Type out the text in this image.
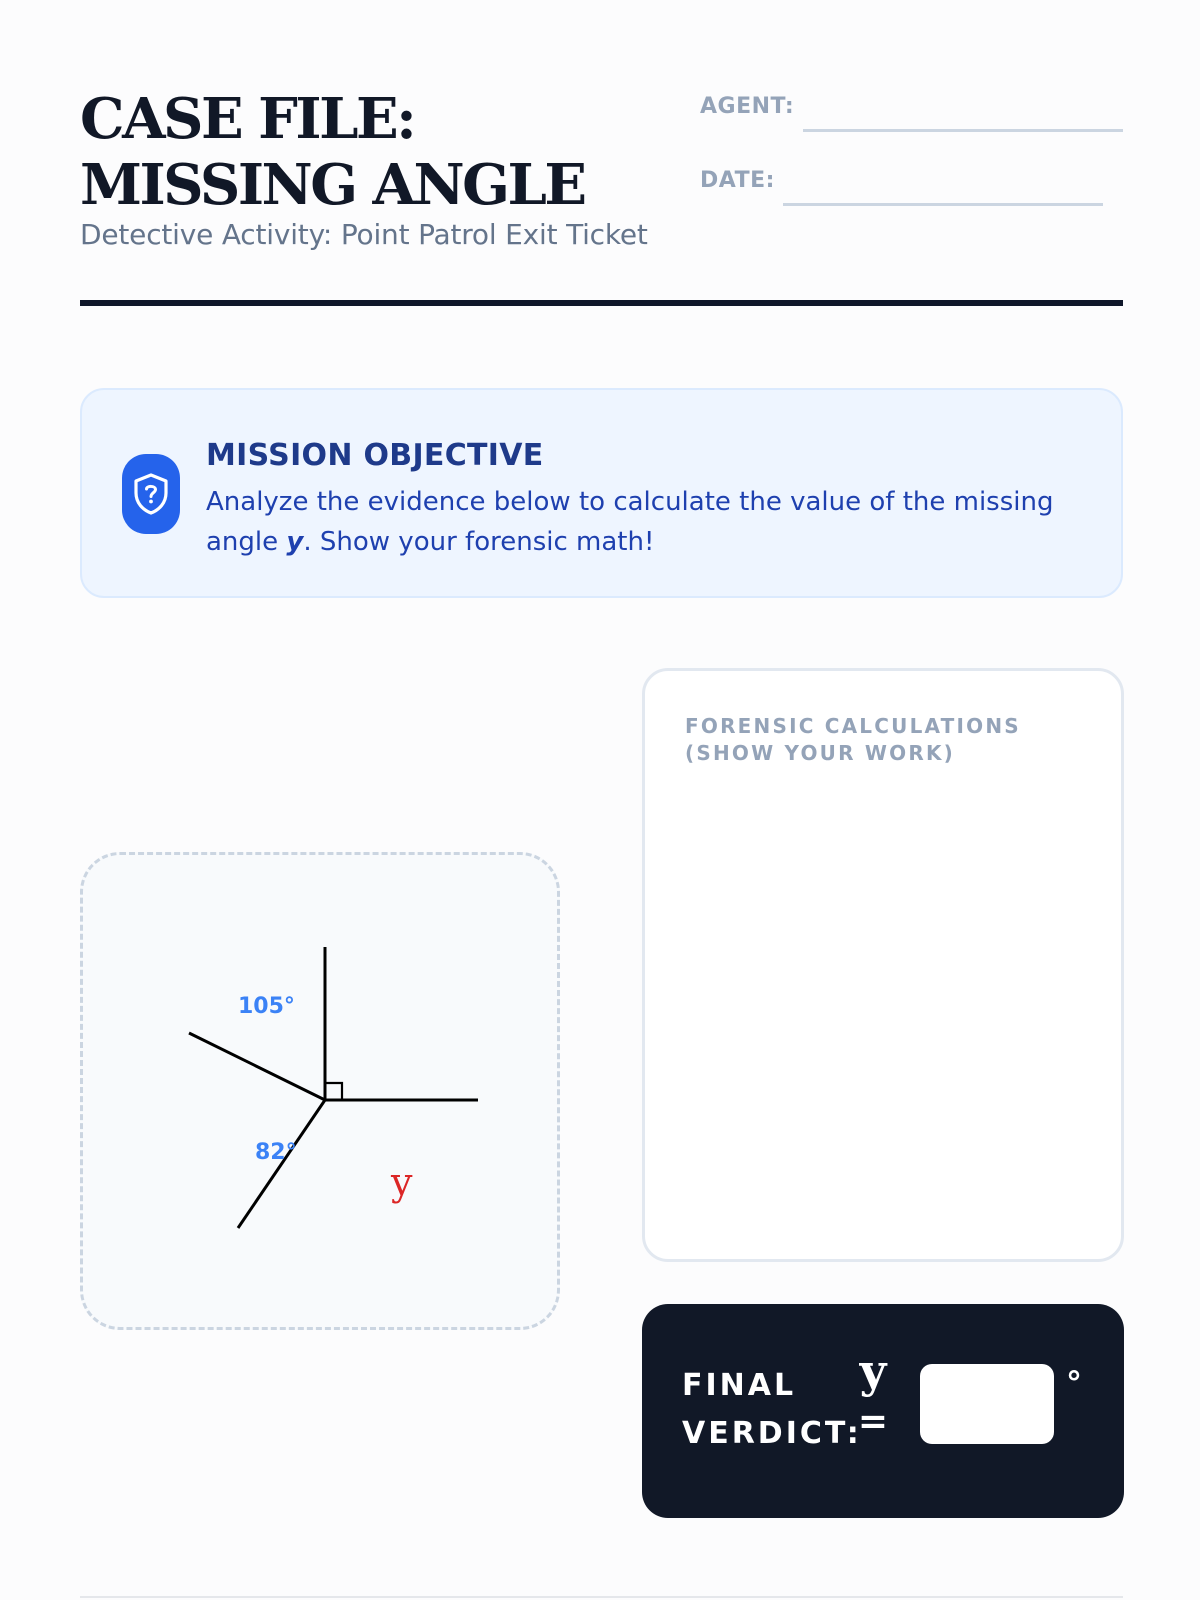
CASE FILE: MISSING ANGLE
Detective Activity: Point Patrol Exit Ticket
AGENT:
DATE:
MISSION OBJECTIVE
Analyze the evidence below to calculate the value of the missing angle y. Show your forensic math!
105°
82°
y
FORENSIC CALCULATIONS (SHOW YOUR WORK)
FINAL VERDICT:
y
=
°
